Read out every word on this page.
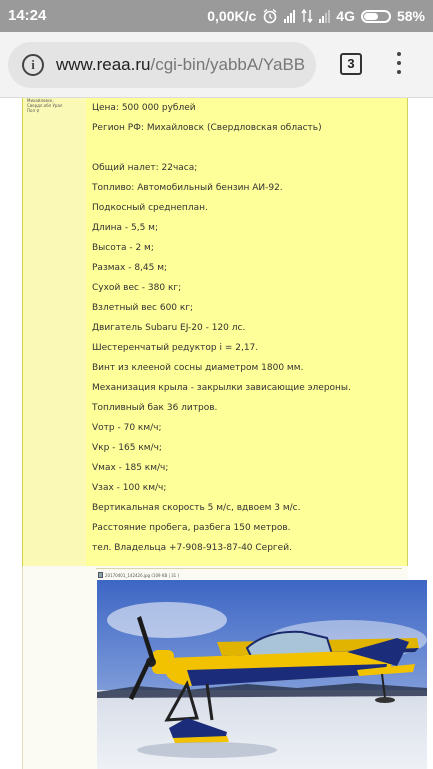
14:24	0,00K/с	4G	58%
i	www.reaa.ru/cgi-bin/yabbA/YaBB	3
Михайловск,
Свердл.обл Урал
Пол ♀	Цена: 500 000 рублей

Регион РФ: Михайловск (Свердловская область)

Общий налет: 22часа;

Топливо: Автомобильный бензин АИ-92.

Подкосный среднеплан.

Длина - 5,5 м;

Высота - 2 м;

Размах - 8,45 м;

Сухой вес - 380 кг;

Взлетный вес 600 кг;

Двигатель Subaru EJ-20 - 120 лс.

Шестеренчатый редуктор i = 2,17.

Винт из клееной сосны диаметром 1800 мм.

Механизация крыла - закрылки зависающие элероны.

Топливный бак 36 литров.

Vотр - 70 км/ч;

Vкр - 165 км/ч;

Vмах - 185 км/ч;

Vзах - 100 км/ч;

Вертикальная скорость 5 м/с, вдвоем 3 м/с.

Расстояние пробега, разбега 150 метров.

тел. Владельца +7-908-913-87-40 Сергей.

20170401_142426.jpg (109 KB | 31 )
